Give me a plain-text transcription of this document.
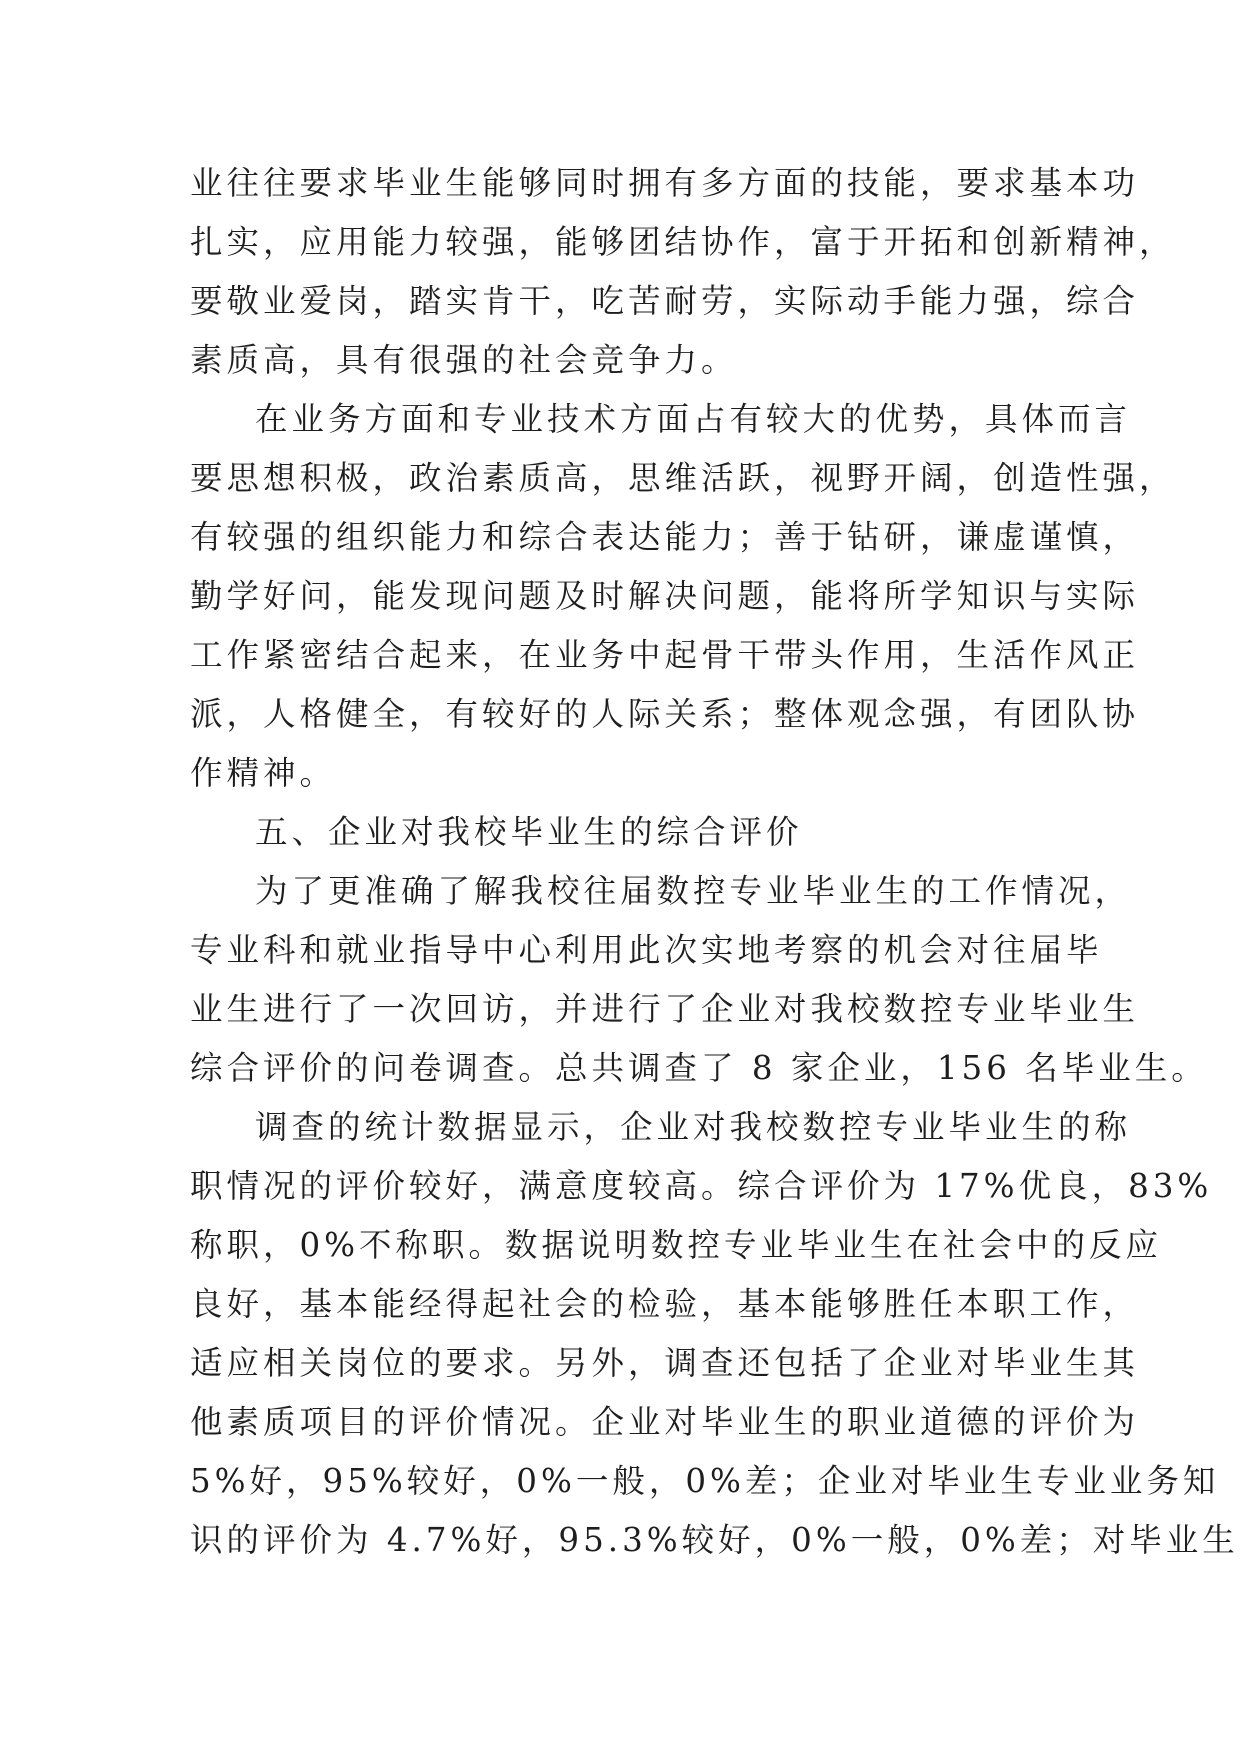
业往往要求毕业生能够同时拥有多方面的技能，要求基本功
扎实，应用能力较强，能够团结协作，富于开拓和创新精神，
要敬业爱岗，踏实肯干，吃苦耐劳，实际动手能力强，综合
素质高，具有很强的社会竞争力。
在业务方面和专业技术方面占有较大的优势，具体而言
要思想积极，政治素质高，思维活跃，视野开阔，创造性强，
有较强的组织能力和综合表达能力；善于钻研，谦虚谨慎，
勤学好问，能发现问题及时解决问题，能将所学知识与实际
工作紧密结合起来，在业务中起骨干带头作用，生活作风正
派，人格健全，有较好的人际关系；整体观念强，有团队协
作精神。
五、企业对我校毕业生的综合评价
为了更准确了解我校往届数控专业毕业生的工作情况，
专业科和就业指导中心利用此次实地考察的机会对往届毕
业生进行了一次回访，并进行了企业对我校数控专业毕业生
综合评价的问卷调查。总共调查了 8 家企业，156 名毕业生。
调查的统计数据显示，企业对我校数控专业毕业生的称
职情况的评价较好，满意度较高。综合评价为 17%优良，83%
称职，0%不称职。数据说明数控专业毕业生在社会中的反应
良好，基本能经得起社会的检验，基本能够胜任本职工作，
适应相关岗位的要求。另外，调查还包括了企业对毕业生其
他素质项目的评价情况。企业对毕业生的职业道德的评价为
5%好，95%较好，0%一般，0%差；企业对毕业生专业业务知
识的评价为 4.7%好，95.3%较好，0%一般，0%差；对毕业生
